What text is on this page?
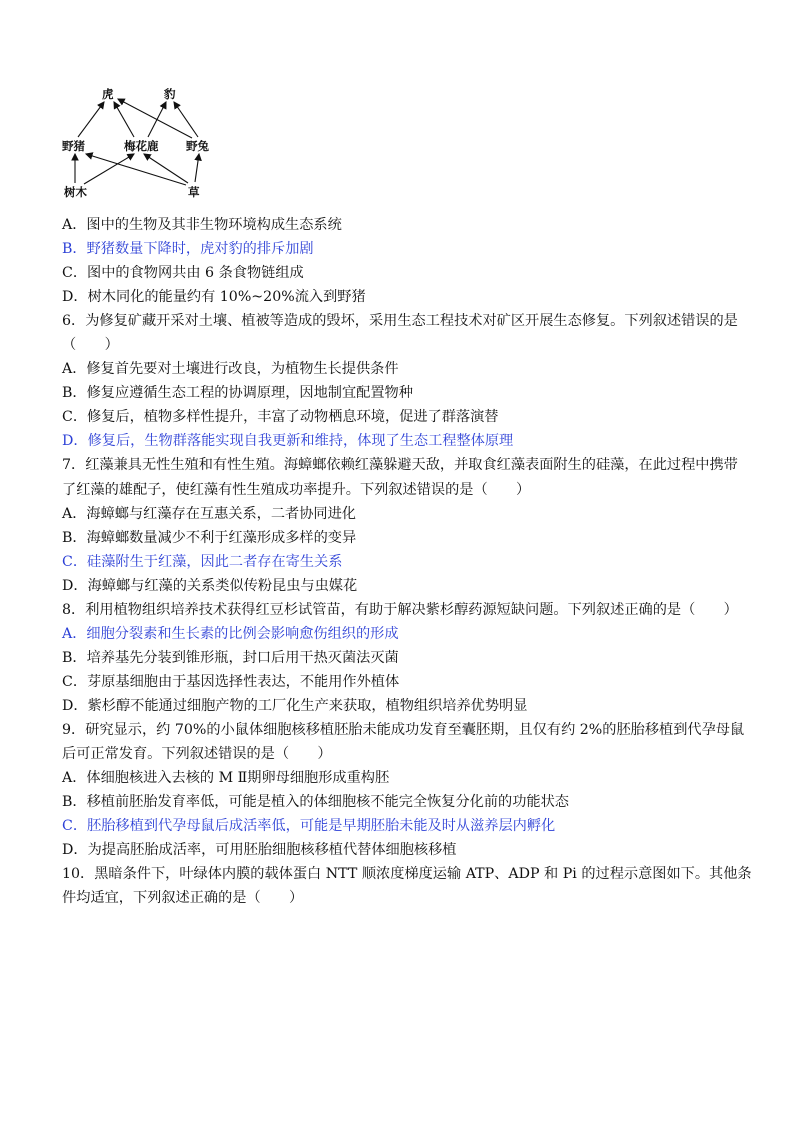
虎	豹
野猪	梅花鹿 野兔
树木	草
A．图中的生物及其非生物环境构成生态系统
B．野猪数量下降时，虎对豹的排斥加剧
C．图中的食物网共由 6 条食物链组成
D．树木同化的能量约有 10%~20%流入到野猪
6．为修复矿藏开采对土壤、植被等造成的毁坏，采用生态工程技术对矿区开展生态修复。下列叙述错误的是
（　　）
A．修复首先要对土壤进行改良，为植物生长提供条件
B．修复应遵循生态工程的协调原理，因地制宜配置物种
C．修复后，植物多样性提升，丰富了动物栖息环境，促进了群落演替
D．修复后，生物群落能实现自我更新和维持，体现了生态工程整体原理
7．红藻兼具无性生殖和有性生殖。海蟑螂依赖红藻躲避天敌，并取食红藻表面附生的硅藻，在此过程中携带
了红藻的雄配子，使红藻有性生殖成功率提升。下列叙述错误的是（　　）
A．海蟑螂与红藻存在互惠关系，二者协同进化
B．海蟑螂数量减少不利于红藻形成多样的变异
C．硅藻附生于红藻，因此二者存在寄生关系
D．海蟑螂与红藻的关系类似传粉昆虫与虫媒花
8．利用植物组织培养技术获得红豆杉试管苗，有助于解决紫杉醇药源短缺问题。下列叙述正确的是（　　）
A．细胞分裂素和生长素的比例会影响愈伤组织的形成
B．培养基先分装到锥形瓶，封口后用干热灭菌法灭菌
C．芽原基细胞由于基因选择性表达，不能用作外植体
D．紫杉醇不能通过细胞产物的工厂化生产来获取，植物组织培养优势明显
9．研究显示，约 70%的小鼠体细胞核移植胚胎未能成功发育至囊胚期，且仅有约 2%的胚胎移植到代孕母鼠
后可正常发育。下列叙述错误的是（　　）
A．体细胞核进入去核的 M Ⅱ期卵母细胞形成重构胚
B．移植前胚胎发育率低，可能是植入的体细胞核不能完全恢复分化前的功能状态
C．胚胎移植到代孕母鼠后成活率低，可能是早期胚胎未能及时从滋养层内孵化
D．为提高胚胎成活率，可用胚胎细胞核移植代替体细胞核移植
10．黑暗条件下，叶绿体内膜的载体蛋白 NTT 顺浓度梯度运输 ATP、ADP 和 Pi 的过程示意图如下。其他条
件均适宜，下列叙述正确的是（　　）
